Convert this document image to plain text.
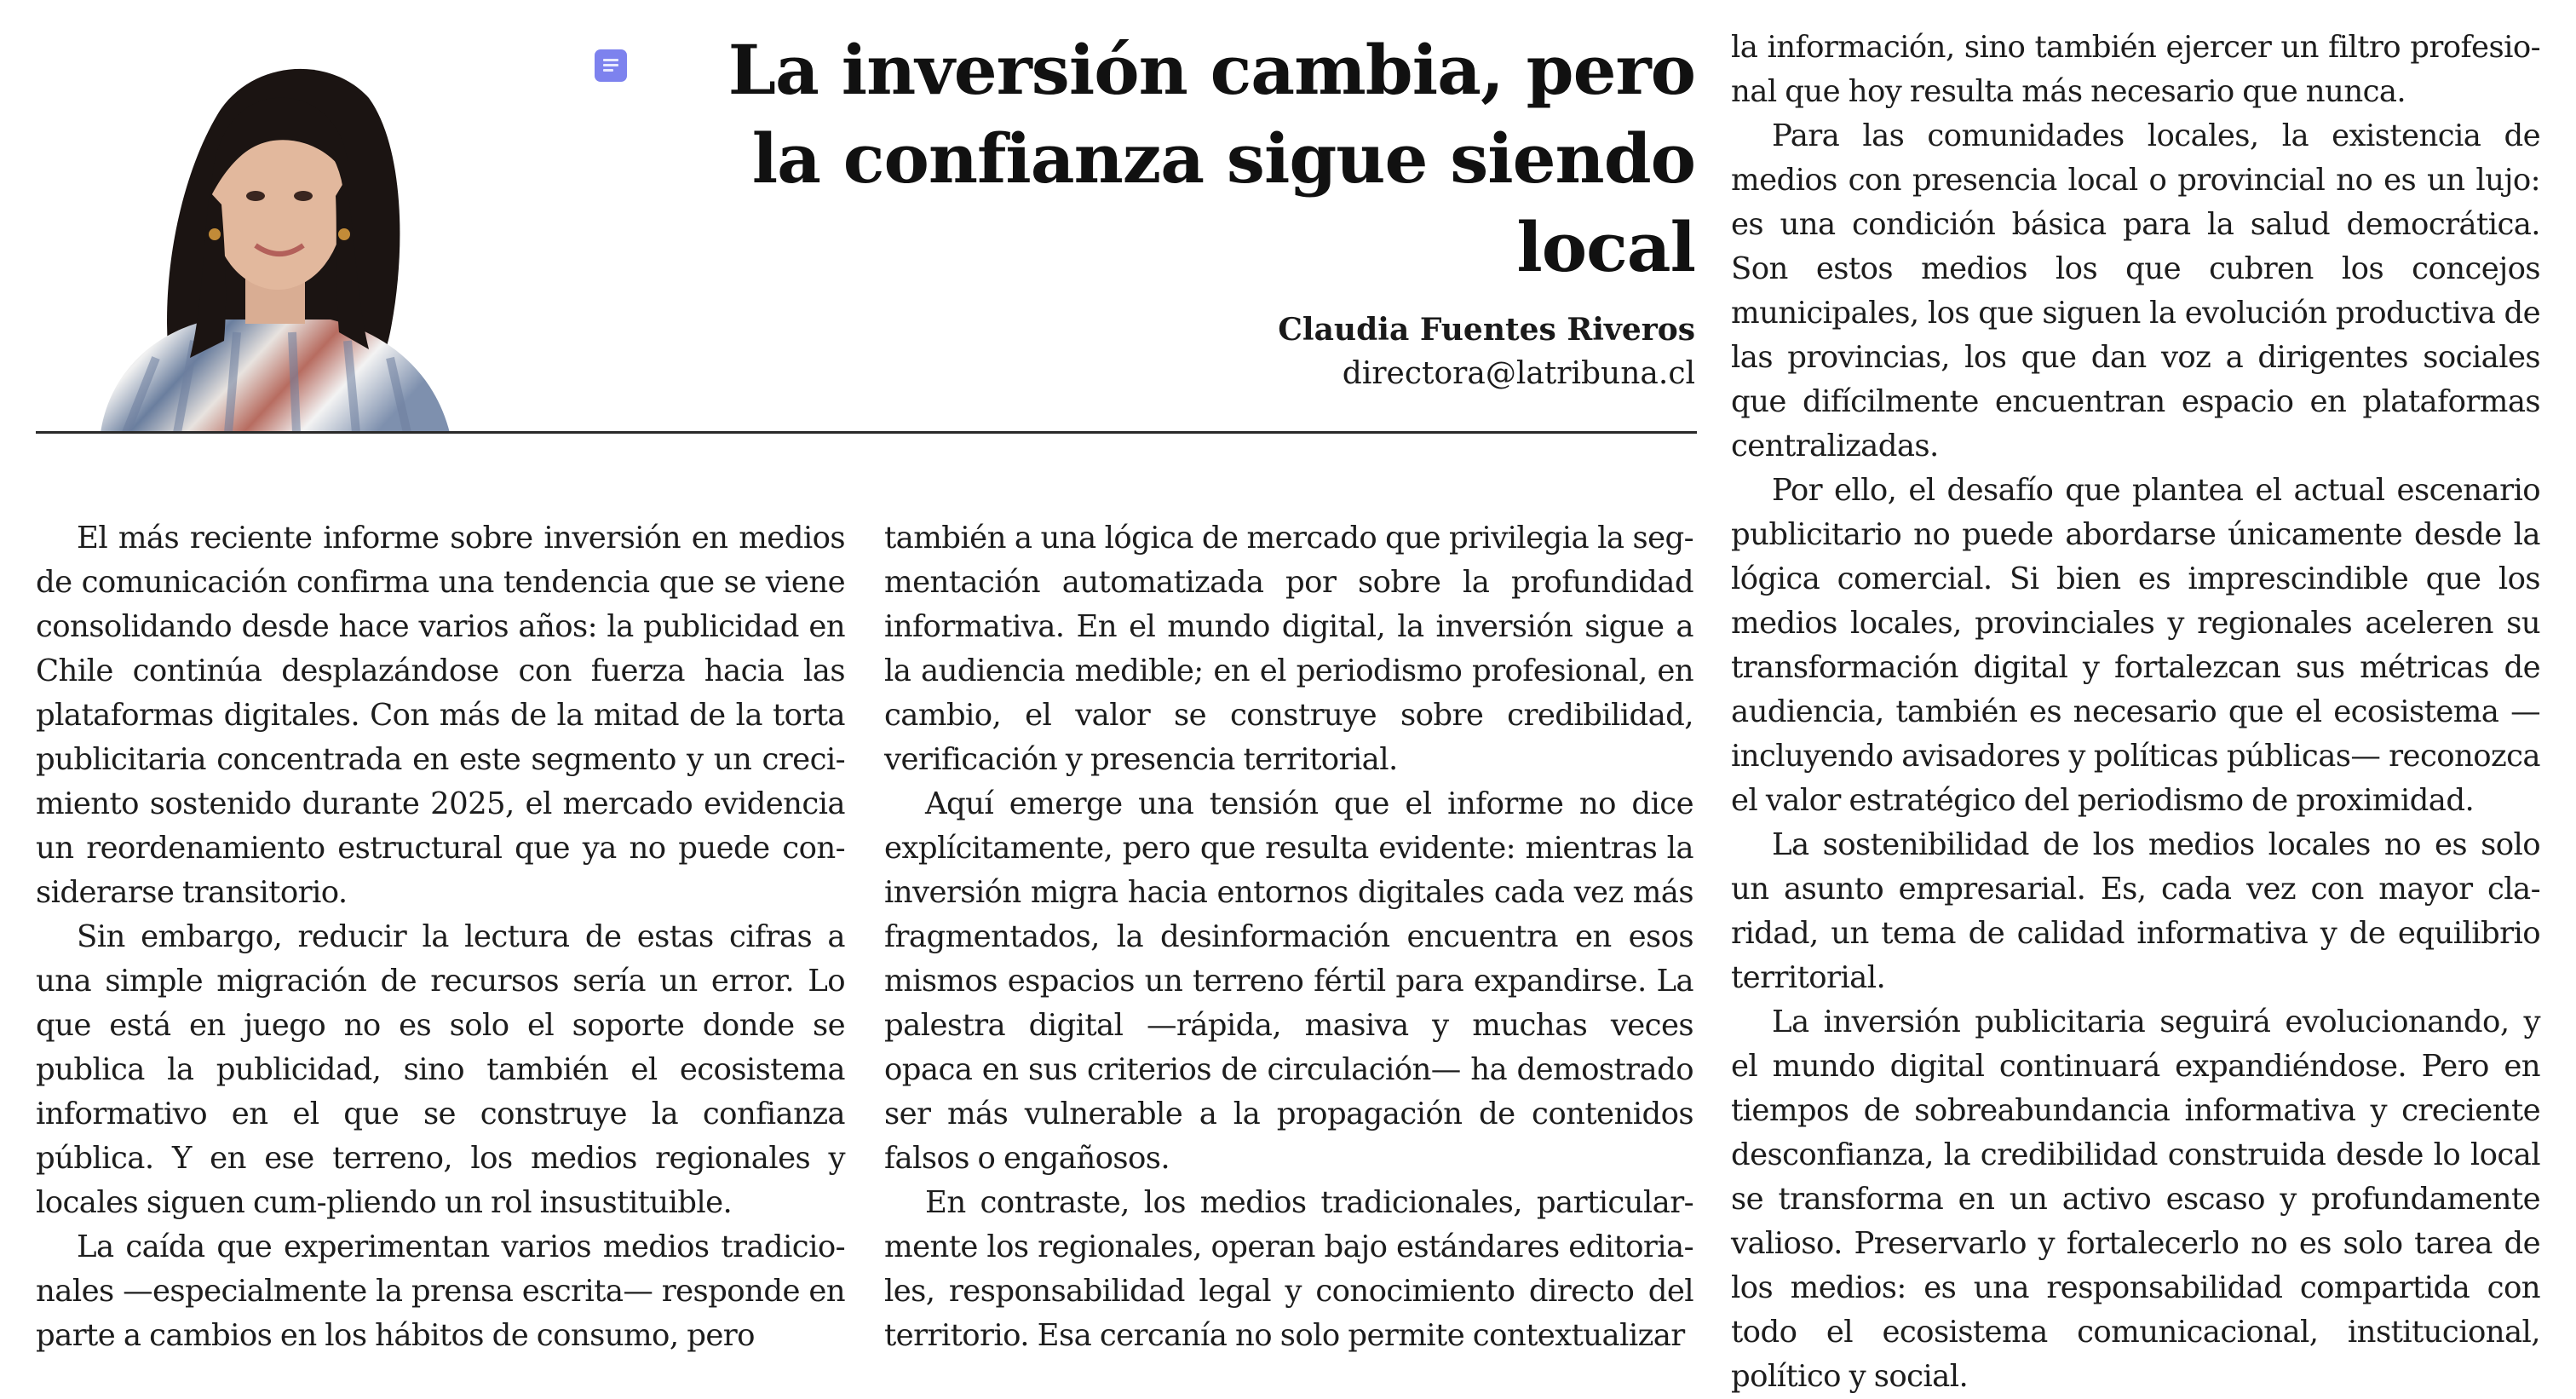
La inversión cambia, pero la confianza sigue siendo local
Claudia Fuentes Riveros
directora@latribuna.cl

El más reciente informe sobre inversión en medios de comunicación confirma una tendencia que se viene consolidando desde hace varios años: la publicidad en Chile continúa desplazándose con fuerza hacia las plataformas digitales. Con más de la mitad de la torta publicitaria concentrada en este segmento y un creci-miento sostenido durante 2025, el mercado evidencia un reordenamiento estructural que ya no puede con-siderarse transitorio.

Sin embargo, reducir la lectura de estas cifras a una simple migración de recursos sería un error. Lo que está en juego no es solo el soporte donde se publica la publicidad, sino también el ecosistema informativo en el que se construye la confianza pública. Y en ese terreno, los medios regionales y locales siguen cum-pliendo un rol insustituible.

La caída que experimentan varios medios tradicio-nales —especialmente la prensa escrita— responde en parte a cambios en los hábitos de consumo, pero

también a una lógica de mercado que privilegia la seg-mentación automatizada por sobre la profundidad informativa. En el mundo digital, la inversión sigue a la audiencia medible; en el periodismo profesional, en cambio, el valor se construye sobre credibilidad, verificación y presencia territorial.

Aquí emerge una tensión que el informe no dice explícitamente, pero que resulta evidente: mientras la inversión migra hacia entornos digitales cada vez más fragmentados, la desinformación encuentra en esos mismos espacios un terreno fértil para expandirse. La palestra digital —rápida, masiva y muchas veces opaca en sus criterios de circulación— ha demostrado ser más vulnerable a la propagación de contenidos falsos o engañosos.

En contraste, los medios tradicionales, particular-mente los regionales, operan bajo estándares editoria-les, responsabilidad legal y conocimiento directo del territorio. Esa cercanía no solo permite contextualizar

la información, sino también ejercer un filtro profesio-nal que hoy resulta más necesario que nunca.

Para las comunidades locales, la existencia de medios con presencia local o provincial no es un lujo: es una condición básica para la salud democrática. Son estos medios los que cubren los concejos municipales, los que siguen la evolución productiva de las provincias, los que dan voz a dirigentes sociales que difícilmente encuentran espacio en plataformas centralizadas.

Por ello, el desafío que plantea el actual escenario publicitario no puede abordarse únicamente desde la lógica comercial. Si bien es imprescindible que los medios locales, provinciales y regionales aceleren su transformación digital y fortalezcan sus métricas de audiencia, también es necesario que el ecosistema —incluyendo avisadores y políticas públicas— reconozca el valor estratégico del periodismo de proximidad.

La sostenibilidad de los medios locales no es solo un asunto empresarial. Es, cada vez con mayor cla-ridad, un tema de calidad informativa y de equilibrio territorial.

La inversión publicitaria seguirá evolucionando, y el mundo digital continuará expandiéndose. Pero en tiempos de sobreabundancia informativa y creciente desconfianza, la credibilidad construida desde lo local se transforma en un activo escaso y profundamente valioso. Preservarlo y fortalecerlo no es solo tarea de los medios: es una responsabilidad compartida con todo el ecosistema comunicacional, institucional, político y social.
